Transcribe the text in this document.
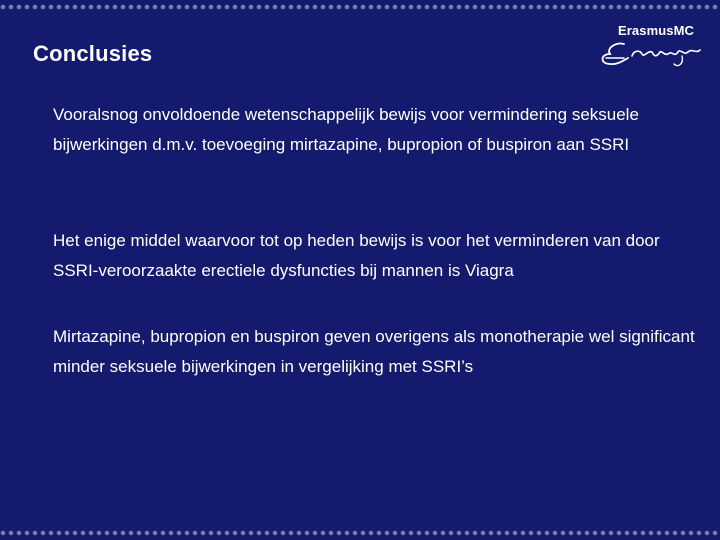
Conclusies
ErasmusMC

Vooralsnog onvoldoende wetenschappelijk bewijs voor vermindering seksuele bijwerkingen d.m.v. toevoeging mirtazapine, bupropion of buspiron aan SSRI

Het enige middel waarvoor tot op heden bewijs is voor het verminderen van door SSRI-veroorzaakte erectiele dysfuncties bij mannen is Viagra

Mirtazapine, bupropion en buspiron geven overigens als monotherapie wel significant minder seksuele bijwerkingen in vergelijking met SSRI’s
